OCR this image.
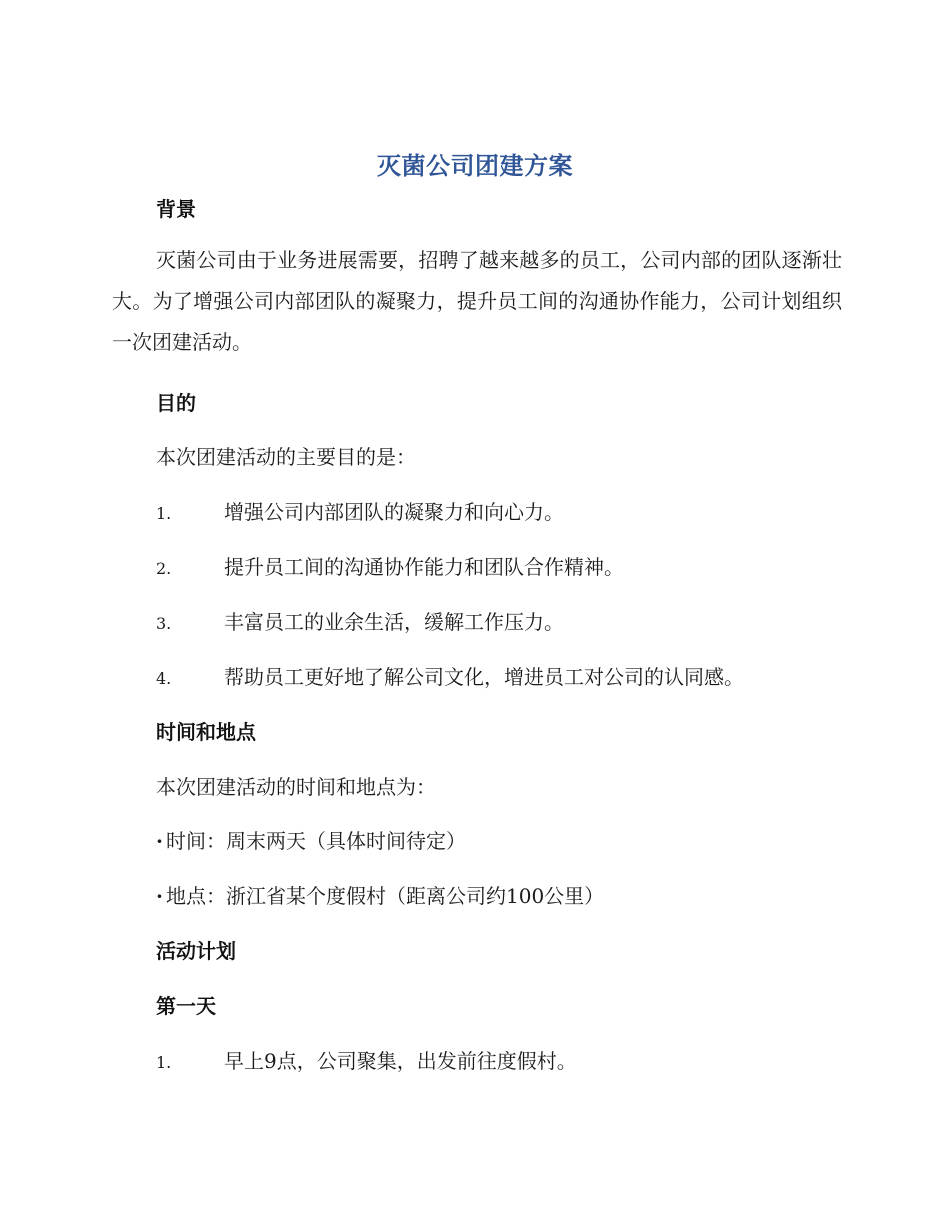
灭菌公司团建方案
背景
灭菌公司由于业务进展需要，招聘了越来越多的员工，公司内部的团队逐渐壮大。为了增强公司内部团队的凝聚力，提升员工间的沟通协作能力，公司计划组织一次团建活动。
目的
本次团建活动的主要目的是：
1.	增强公司内部团队的凝聚力和向心力。
2.	提升员工间的沟通协作能力和团队合作精神。
3.	丰富员工的业余生活，缓解工作压力。
4.	帮助员工更好地了解公司文化，增进员工对公司的认同感。
时间和地点
本次团建活动的时间和地点为：
· 时间：周末两天（具体时间待定）
· 地点：浙江省某个度假村（距离公司约100公里）
活动计划
第一天
1.	早上9点，公司聚集，出发前往度假村。
